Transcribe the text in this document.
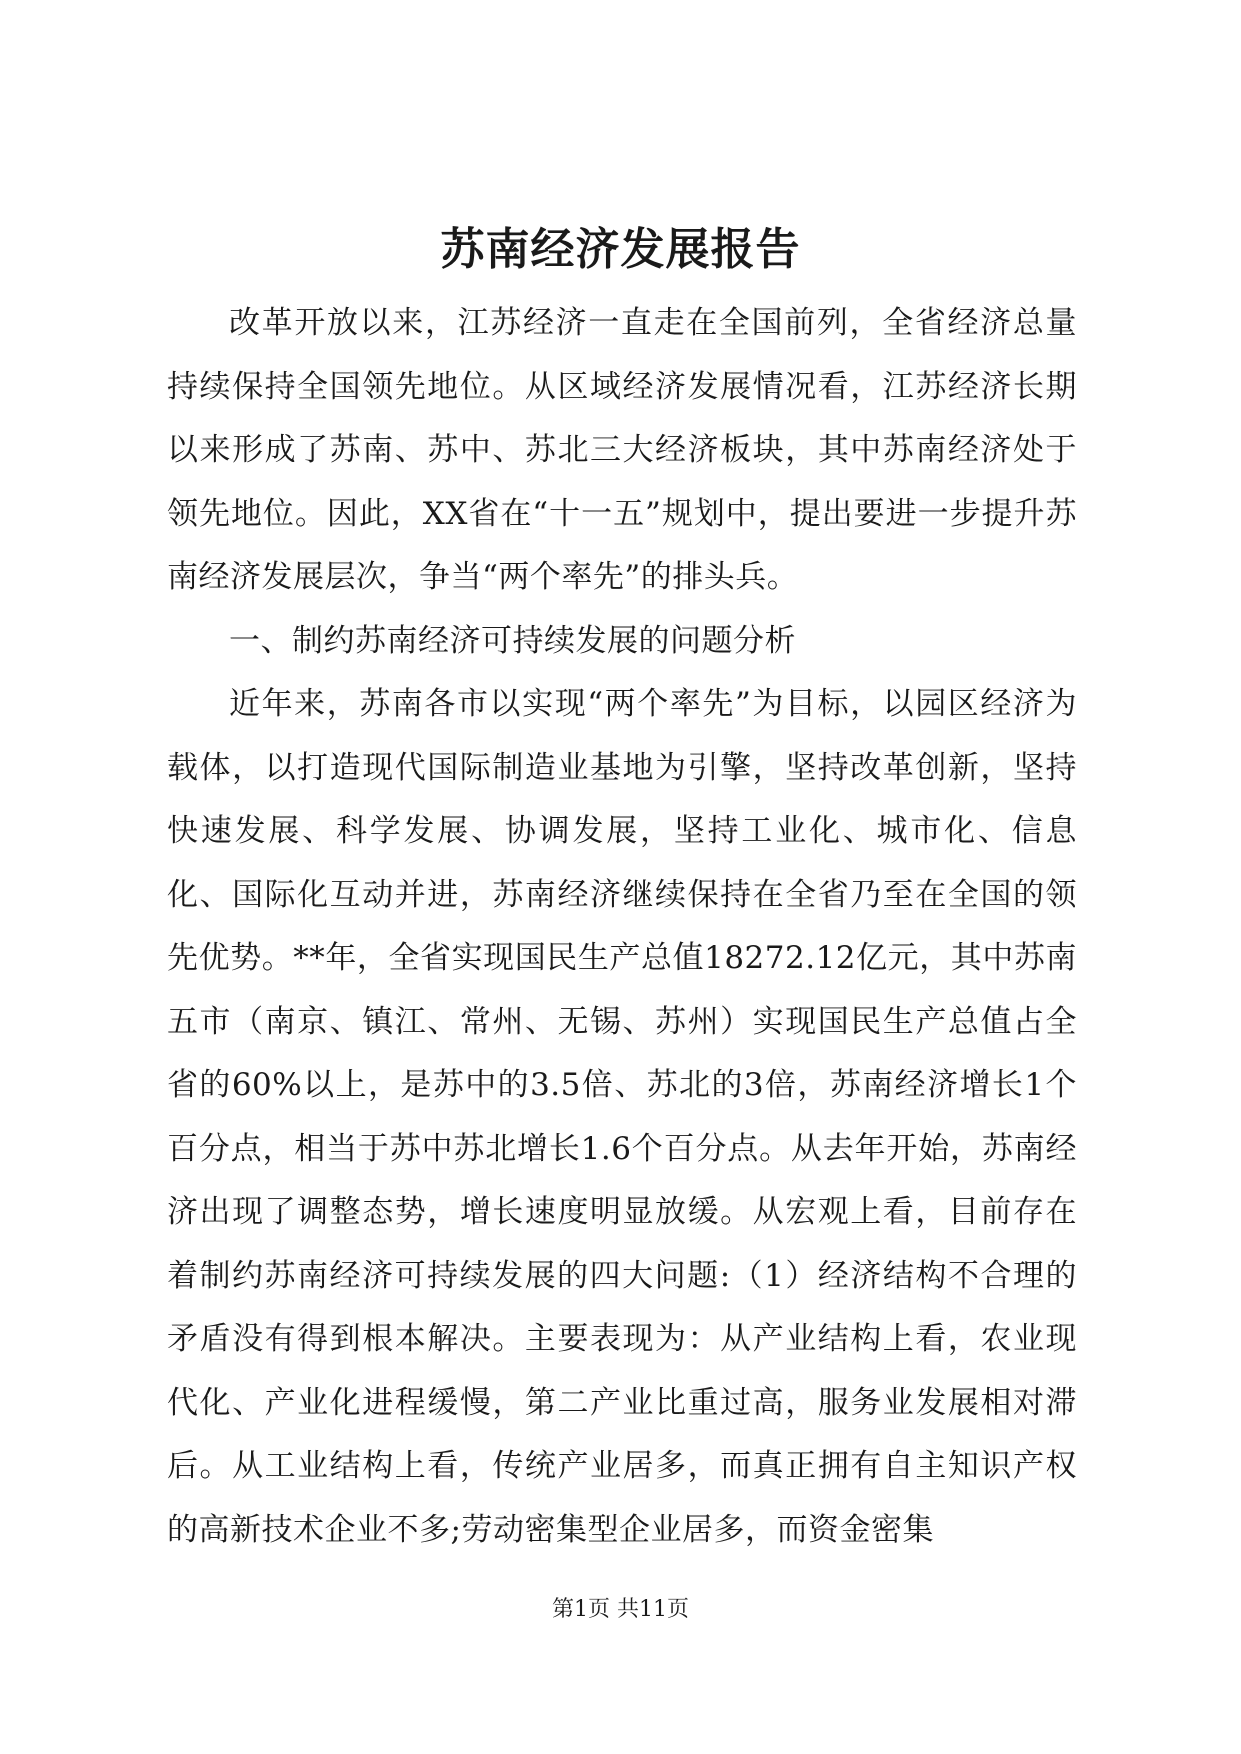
苏南经济发展报告

改革开放以来，江苏经济一直走在全国前列，全省经济总量持续保持全国领先地位。从区域经济发展情况看，江苏经济长期以来形成了苏南、苏中、苏北三大经济板块，其中苏南经济处于领先地位。因此，XX省在“十一五”规划中，提出要进一步提升苏南经济发展层次，争当“两个率先”的排头兵。

一、制约苏南经济可持续发展的问题分析

近年来，苏南各市以实现“两个率先”为目标，以园区经济为载体，以打造现代国际制造业基地为引擎，坚持改革创新，坚持快速发展、科学发展、协调发展，坚持工业化、城市化、信息化、国际化互动并进，苏南经济继续保持在全省乃至在全国的领先优势。**年，全省实现国民生产总值18272.12亿元，其中苏南五市（南京、镇江、常州、无锡、苏州）实现国民生产总值占全省的60%以上，是苏中的3.5倍、苏北的3倍，苏南经济增长1个百分点，相当于苏中苏北增长1.6个百分点。从去年开始，苏南经济出现了调整态势，增长速度明显放缓。从宏观上看，目前存在着制约苏南经济可持续发展的四大问题:（1）经济结构不合理的矛盾没有得到根本解决。主要表现为：从产业结构上看，农业现代化、产业化进程缓慢，第二产业比重过高，服务业发展相对滞后。从工业结构上看，传统产业居多，而真正拥有自主知识产权的高新技术企业不多;劳动密集型企业居多，而资金密集

第1页 共11页
